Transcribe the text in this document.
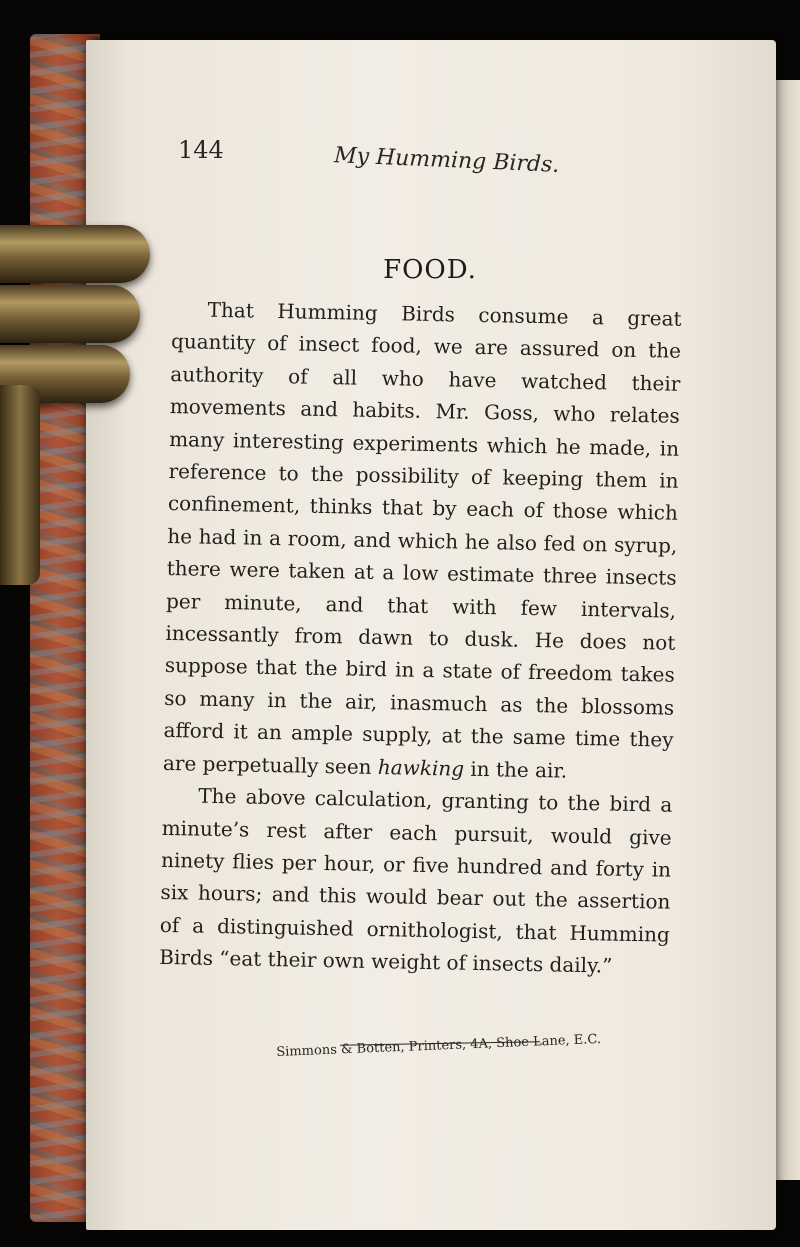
144	My Humming Birds.
FOOD.

That Humming Birds consume a great quantity of insect food, we are assured on the authority of all who have watched their movements and habits. Mr. Goss, who relates many interesting experiments which he made, in reference to the possibility of keeping them in confinement, thinks that by each of those which he had in a room, and which he also fed on syrup, there were taken at a low estimate three insects per minute, and that with few intervals, incessantly from dawn to dusk. He does not suppose that the bird in a state of freedom takes so many in the air, inasmuch as the blossoms afford it an ample supply, at the same time they are perpetually seen hawking in the air.

The above calculation, granting to the bird a minute’s rest after each pursuit, would give ninety flies per hour, or five hundred and forty in six hours; and this would bear out the assertion of a distinguished ornithologist, that Humming Birds “eat their own weight of insects daily.”

Simmons & Botten, Printers, 4A, Shoe Lane, E.C.
